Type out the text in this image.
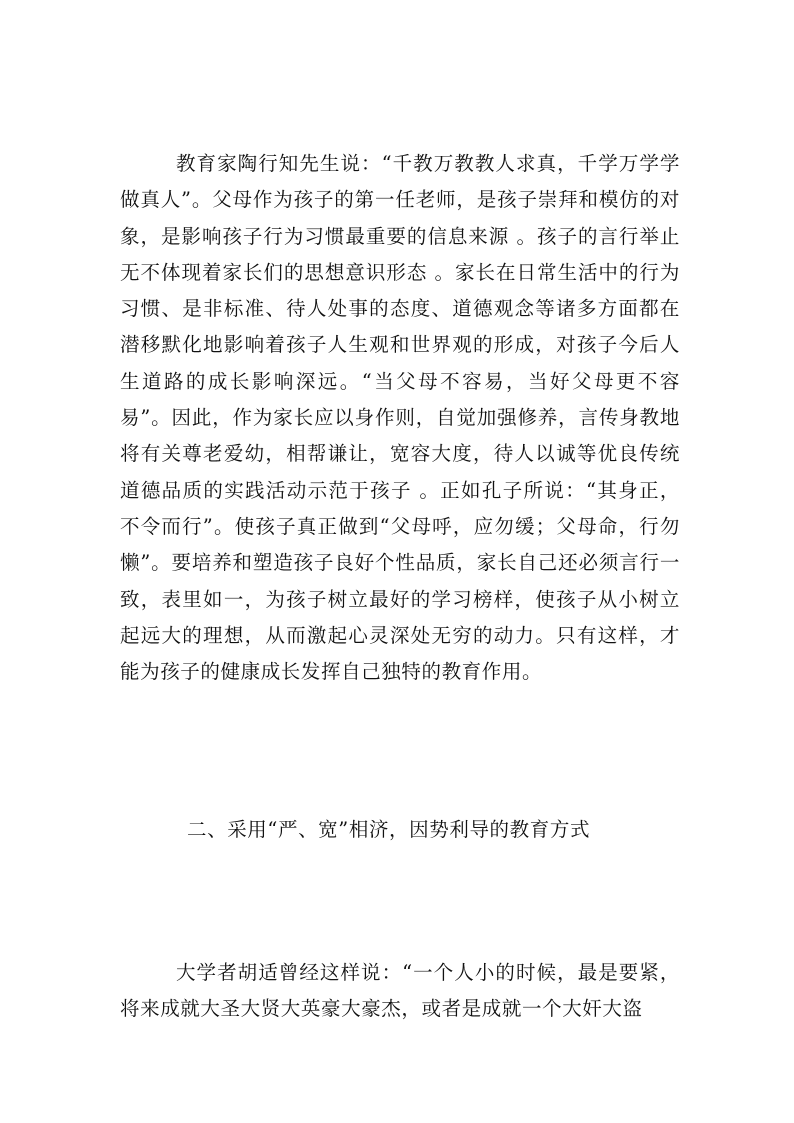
教育家陶行知先生说：“千教万教教人求真，千学万学学做真人”。父母作为孩子的第一任老师，是孩子崇拜和模仿的对象，是影响孩子行为习惯最重要的信息来源 。孩子的言行举止无不体现着家长们的思想意识形态 。家长在日常生活中的行为习惯、是非标准、待人处事的态度、道德观念等诸多方面都在潜移默化地影响着孩子人生观和世界观的形成，对孩子今后人生道路的成长影响深远。“当父母不容易，当好父母更不容易”。因此，作为家长应以身作则，自觉加强修养，言传身教地将有关尊老爱幼，相帮谦让，宽容大度，待人以诚等优良传统道德品质的实践活动示范于孩子 。正如孔子所说：“其身正，不令而行”。使孩子真正做到“父母呼，应勿缓；父母命，行勿懒”。要培养和塑造孩子良好个性品质，家长自己还必须言行一致，表里如一，为孩子树立最好的学习榜样，使孩子从小树立起远大的理想，从而激起心灵深处无穷的动力。只有这样，才能为孩子的健康成长发挥自己独特的教育作用。

二、采用“严、宽”相济，因势利导的教育方式

大学者胡适曾经这样说：“一个人小的时候，最是要紧，将来成就大圣大贤大英豪大豪杰，或者是成就一个大奸大盗
